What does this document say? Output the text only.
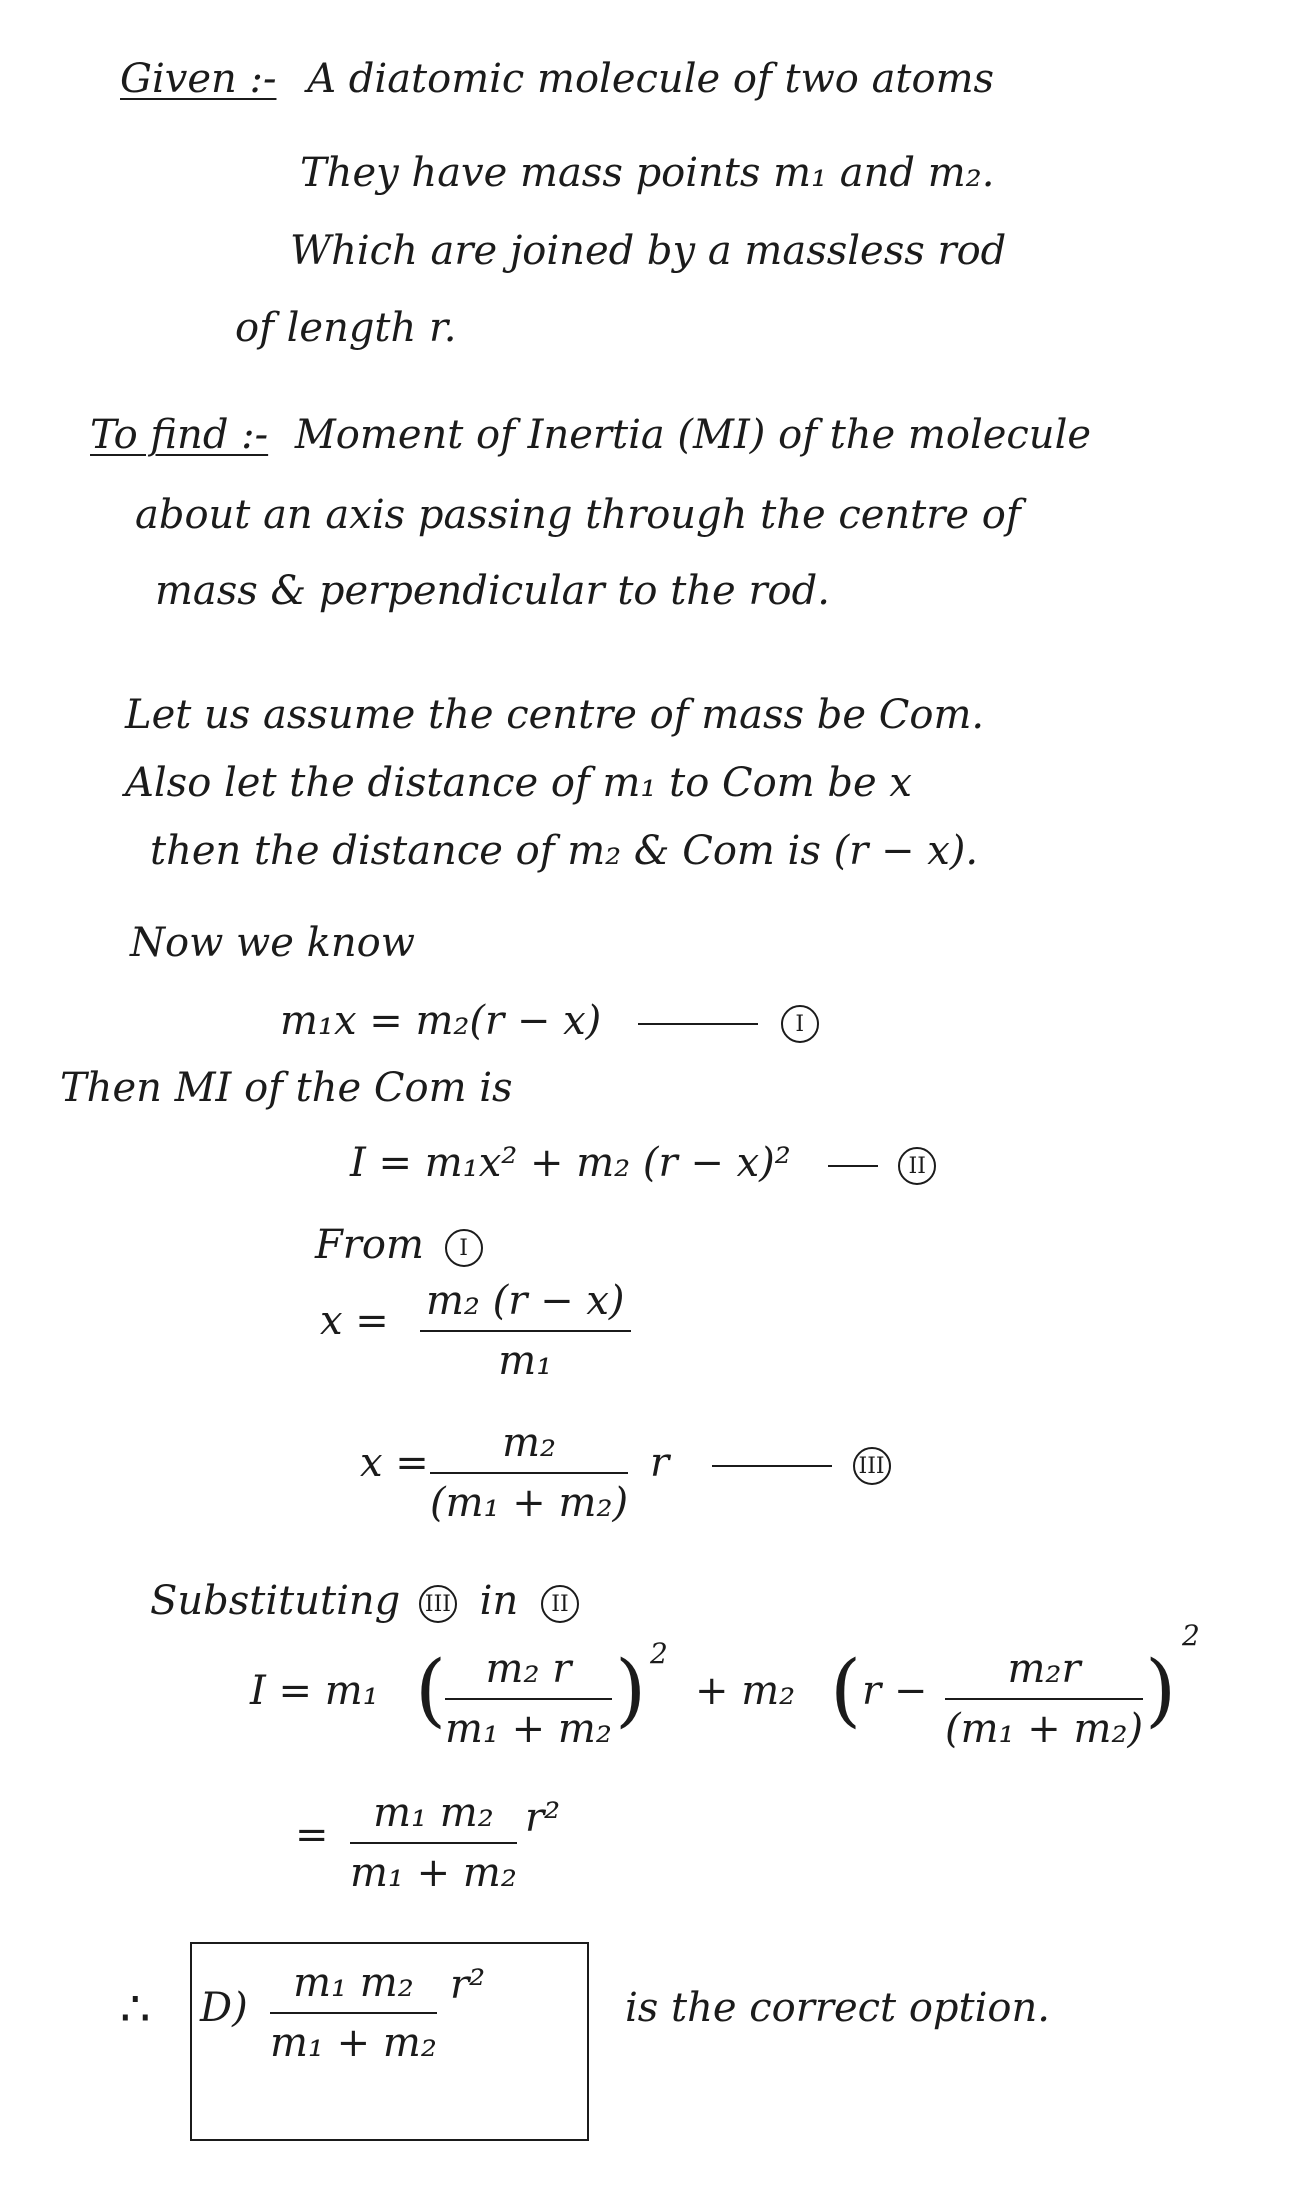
Given :- A diatomic molecule of two atoms
They have mass points m₁ and m₂.
Which are joined by a massless rod
of length r.
To find :- Moment of Inertia (MI) of the molecule
about an axis passing through the centre of
mass & perpendicular to the rod.
Let us assume the centre of mass be Com.
Also let the distance of m₁ to Com be x
then the distance of m₂ & Com is (r − x).
Now we know
m₁x = m₂(r − x)	I
Then MI of the Com is
I = m₁x² + m₂ (r − x)²	II
From I
$x = \frac{\text{m₂ (r − x)}}{\text{m₁}}$
$x = \frac{\text{m₂}}{\text{(m₁ + m₂)}}$ r	III
Substituting III in II
I = m₁ (
$\frac{\text{m₂ r}}{\text{m₁ + m₂}}$ ) 2
+ m₂ ( $r - \frac{\text{m₂r}}{\text{(m₁ + m₂)}}$ )
2
= $\frac{\text{m₁ m₂}}{\text{m₁ + m₂}} r^2$
∴ $D) \frac{\text{m₁ m₂}}{\text{m₁ + m₂}} r^2$	is the correct option.
